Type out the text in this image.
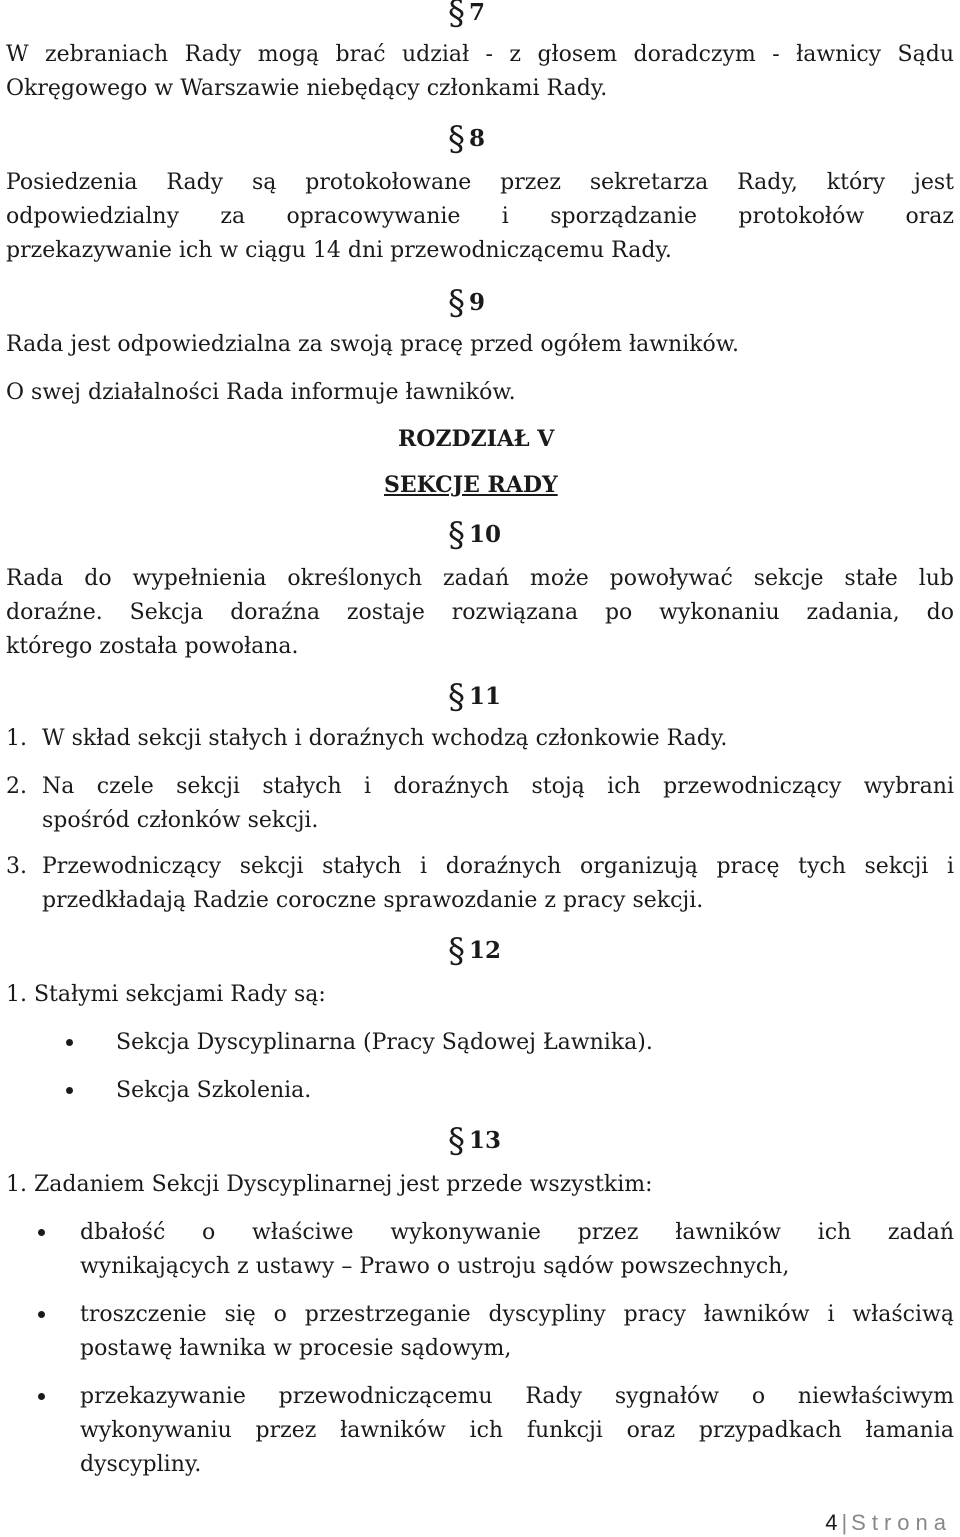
§ 7
W zebraniach Rady mogą brać udział - z głosem doradczym - ławnicy Sądu
Okręgowego w Warszawie niebędący członkami Rady.
§ 8
Posiedzenia Rady są protokołowane przez sekretarza Rady, który jest
odpowiedzialny za opracowywanie i sporządzanie protokołów oraz
przekazywanie ich w ciągu 14 dni przewodniczącemu Rady.
§ 9
Rada jest odpowiedzialna za swoją pracę przed ogółem ławników.
O swej działalności Rada informuje ławników.
ROZDZIAŁ V
SEKCJE RADY
§ 10
Rada do wypełnienia określonych zadań może powoływać sekcje stałe lub
doraźne. Sekcja doraźna zostaje rozwiązana po wykonaniu zadania, do
którego została powołana.
§ 11
1. W skład sekcji stałych i doraźnych wchodzą członkowie Rady.
2. Na czele sekcji stałych i doraźnych stoją ich przewodniczący wybrani
spośród członków sekcji.
3. Przewodniczący sekcji stałych i doraźnych organizują pracę tych sekcji i
przedkładają Radzie coroczne sprawozdanie z pracy sekcji.
§ 12
1. Stałymi sekcjami Rady są:
Sekcja Dyscyplinarna (Pracy Sądowej Ławnika).
Sekcja Szkolenia.
§ 13
1. Zadaniem Sekcji Dyscyplinarnej jest przede wszystkim:
dbałość o właściwe wykonywanie przez ławników ich zadań
wynikających z ustawy – Prawo o ustroju sądów powszechnych,
troszczenie się o przestrzeganie dyscypliny pracy ławników i właściwą
postawę ławnika w procesie sądowym,
przekazywanie przewodniczącemu Rady sygnałów o niewłaściwym
wykonywaniu przez ławników ich funkcji oraz przypadkach łamania
dyscypliny.
4 | Strona
